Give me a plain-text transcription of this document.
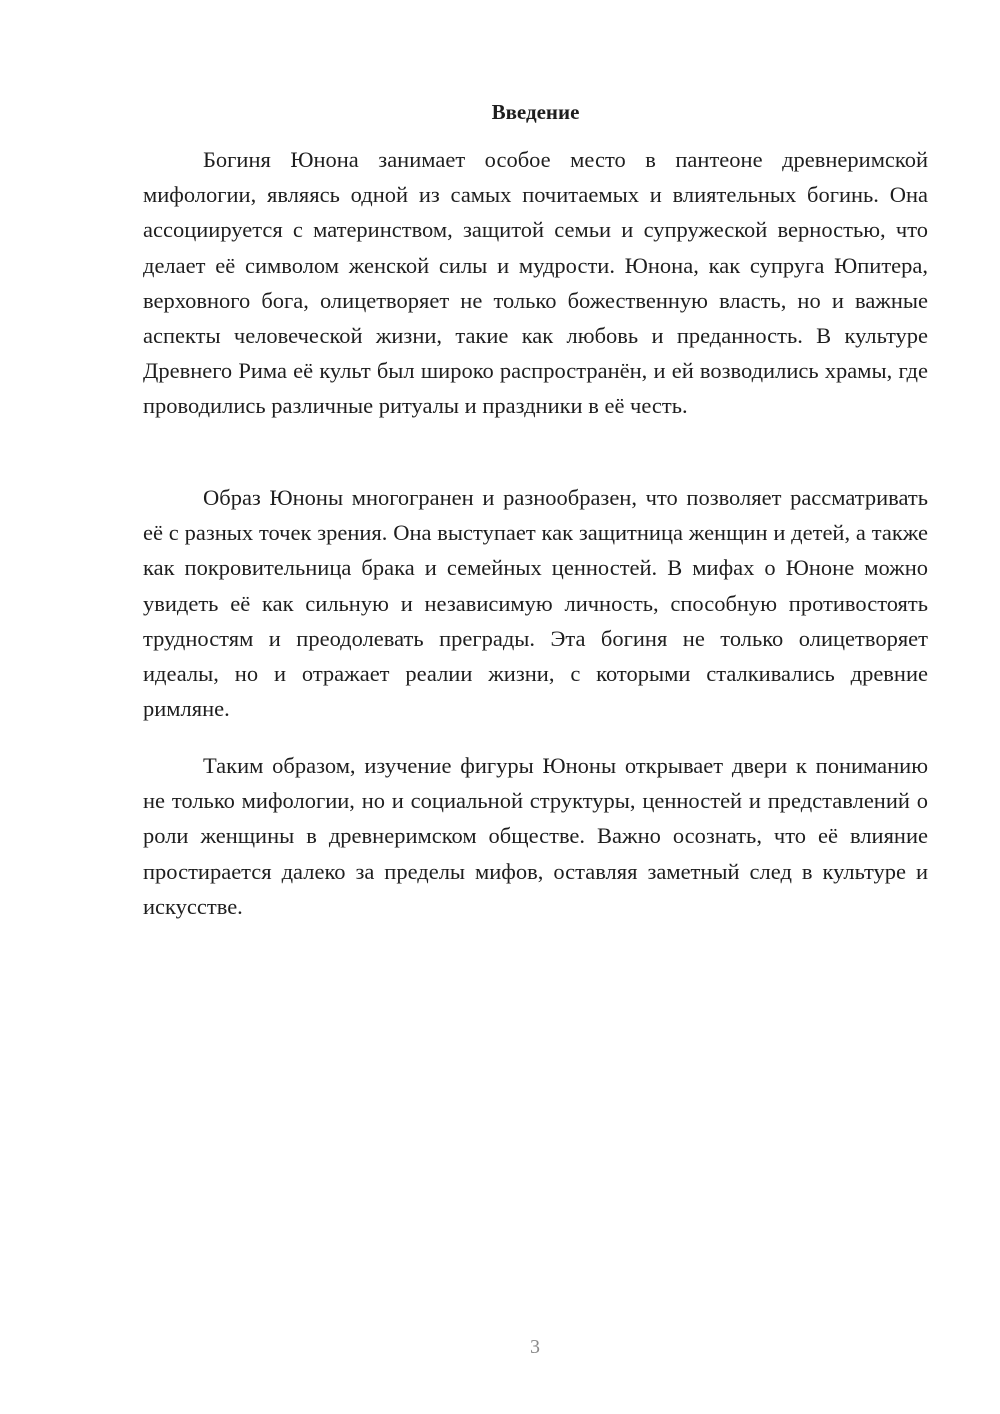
Введение

Богиня Юнона занимает особое место в пантеоне древнеримской мифологии, являясь одной из самых почитаемых и влиятельных богинь. Она ассоциируется с материнством, защитой семьи и супружеской верностью, что делает её символом женской силы и мудрости. Юнона, как супруга Юпитера, верховного бога, олицетворяет не только божественную власть, но и важные аспекты человеческой жизни, такие как любовь и преданность. В культуре Древнего Рима её культ был широко распространён, и ей возводились храмы, где проводились различные ритуалы и праздники в её честь.

Образ Юноны многогранен и разнообразен, что позволяет рассматривать её с разных точек зрения. Она выступает как защитница женщин и детей, а также как покровительница брака и семейных ценностей. В мифах о Юноне можно увидеть её как сильную и независимую личность, способную противостоять трудностям и преодолевать преграды. Эта богиня не только олицетворяет идеалы, но и отражает реалии жизни, с которыми сталкивались древние римляне.

Таким образом, изучение фигуры Юноны открывает двери к пониманию не только мифологии, но и социальной структуры, ценностей и представлений о роли женщины в древнеримском обществе. Важно осознать, что её влияние простирается далеко за пределы мифов, оставляя заметный след в культуре и искусстве.

3
